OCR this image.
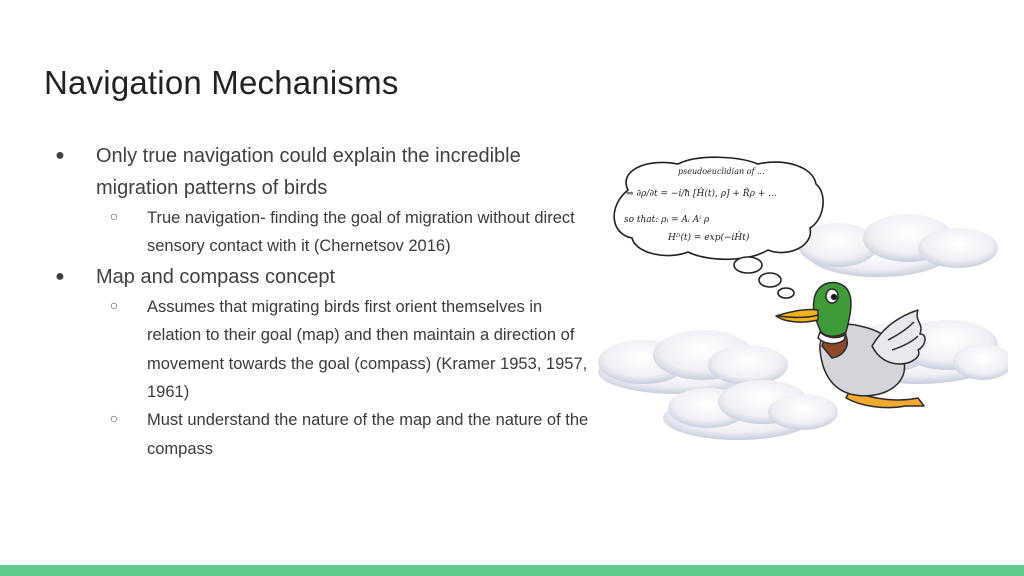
Navigation Mechanisms
● Only true navigation could explain the incredible migration patterns of birds
○	True navigation- finding the goal of migration without direct sensory contact with it (Chernetsov 2016)
● Map and compass concept
○	Assumes that migrating birds first orient themselves in relation to their goal (map) and then maintain a direction of movement towards the goal (compass) (Kramer 1953, 1957, 1961)
○	Must understand the nature of the map and the nature of the compass
pseudoeuclidian of ...
⇒ ∂ρ/∂t = −i/ħ [Ĥ(t), ρ] + R̂ρ + ...
so that: ρᵢ = Aᵢ Aⁱ ρ
Hᴰ(t) = exp(−iĤt)
